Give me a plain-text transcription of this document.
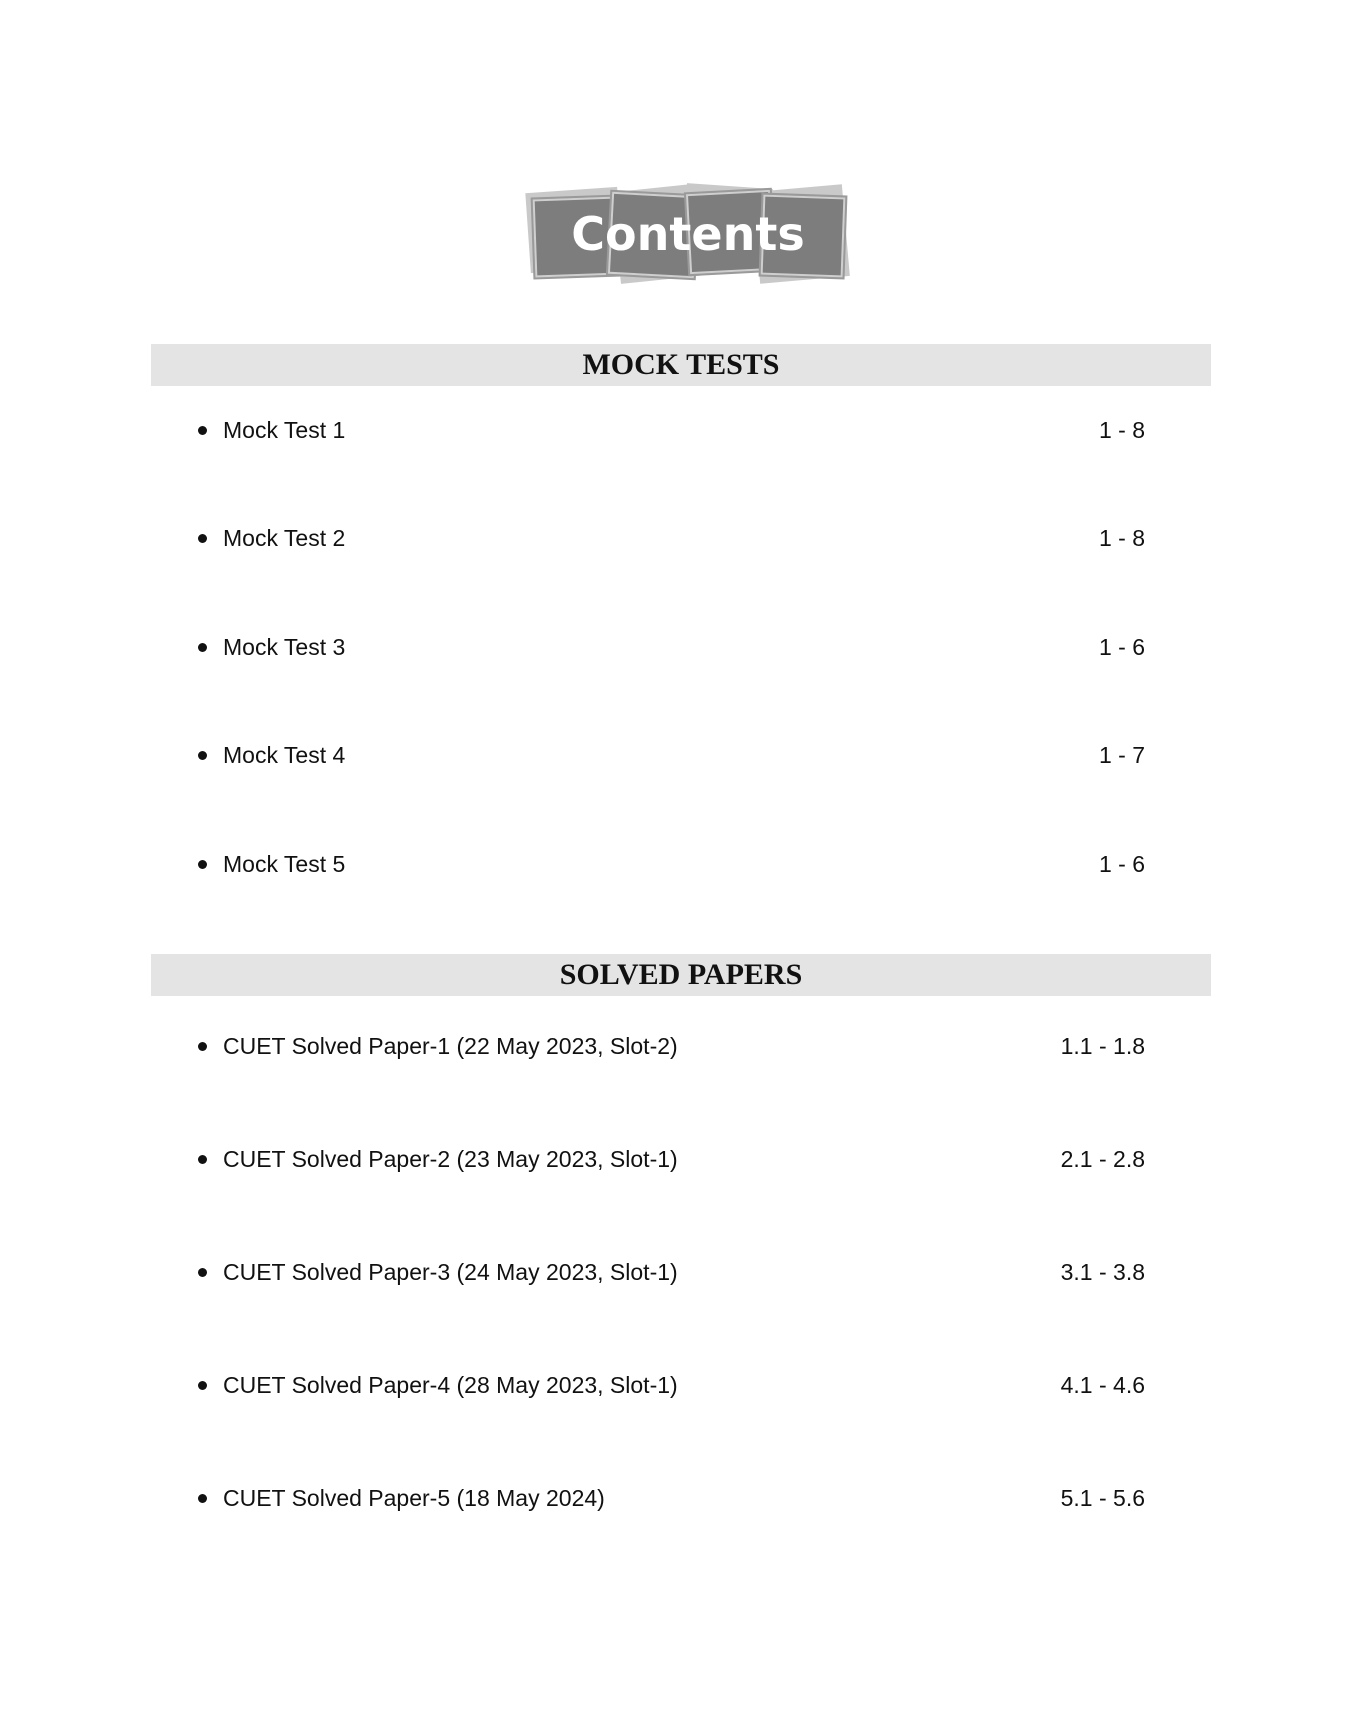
Contents
MOCK TESTS
Mock Test 1	1 - 8
Mock Test 2	1 - 8
Mock Test 3	1 - 6
Mock Test 4	1 - 7
Mock Test 5	1 - 6
SOLVED PAPERS
CUET Solved Paper-1 (22 May 2023, Slot-2)	1.1 - 1.8
CUET Solved Paper-2 (23 May 2023, Slot-1)	2.1 - 2.8
CUET Solved Paper-3 (24 May 2023, Slot-1)	3.1 - 3.8
CUET Solved Paper-4 (28 May 2023, Slot-1)	4.1 - 4.6
CUET Solved Paper-5 (18 May 2024)	5.1 - 5.6
